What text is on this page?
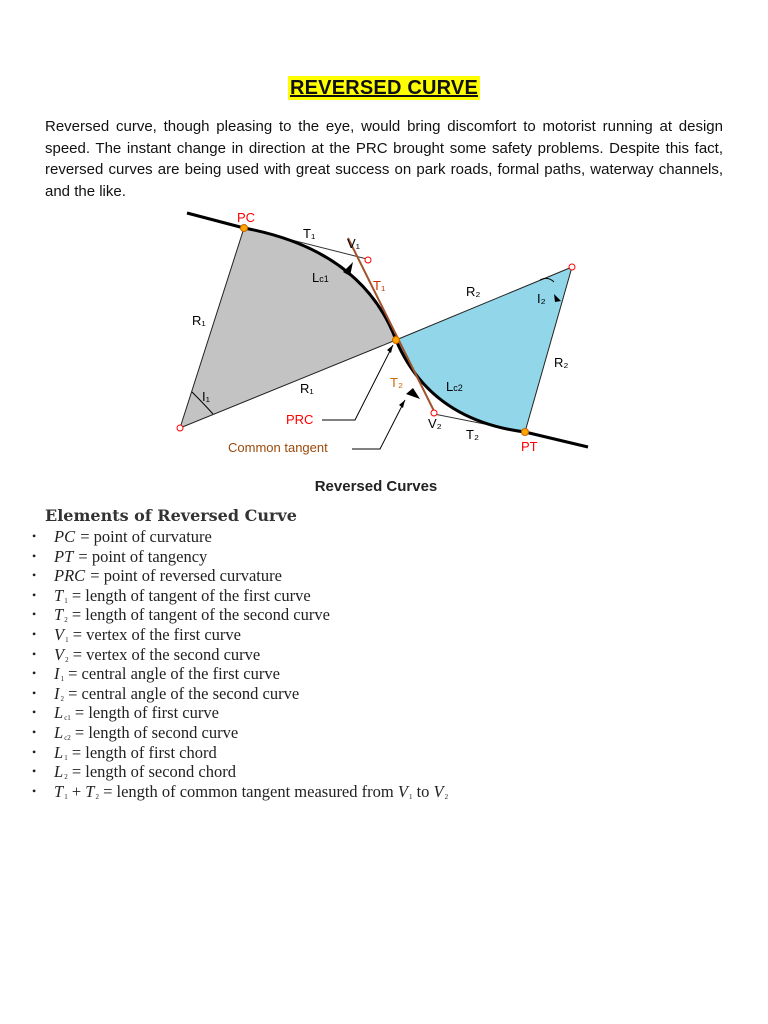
REVERSED CURVE

Reversed curve, though pleasing to the eye, would bring discomfort to motorist running at design speed. The instant change in direction at the PRC brought some safety problems. Despite this fact, reversed curves are being used with great success on park roads, formal paths, waterway channels, and the like.

PC
T₁
V₁
Lc1	T₁
R₁
R₁
I₁
R₂	I₂
R₂
T₂	Lc2
V₂
T₂
PRC
PT
Common tangent
Reversed Curves
Elements of Reversed Curve
• PC = point of curvature
• PT = point of tangency
• PRC = point of reversed curvature
• $T_1$ = length of tangent of the first curve
• $T_2$ = length of tangent of the second curve
• $V_1$ = vertex of the first curve
• $V_2$ = vertex of the second curve
• $I_1$ = central angle of the first curve
• $I_2$ = central angle of the second curve
• $L_{c1}$ = length of first curve
• $L_{c2}$ = length of second curve
• $L_1$ = length of first chord
• $L_2$ = length of second chord
• $T_1 + T_2$ = length of common tangent measured from $V_1$ to $V_2$
